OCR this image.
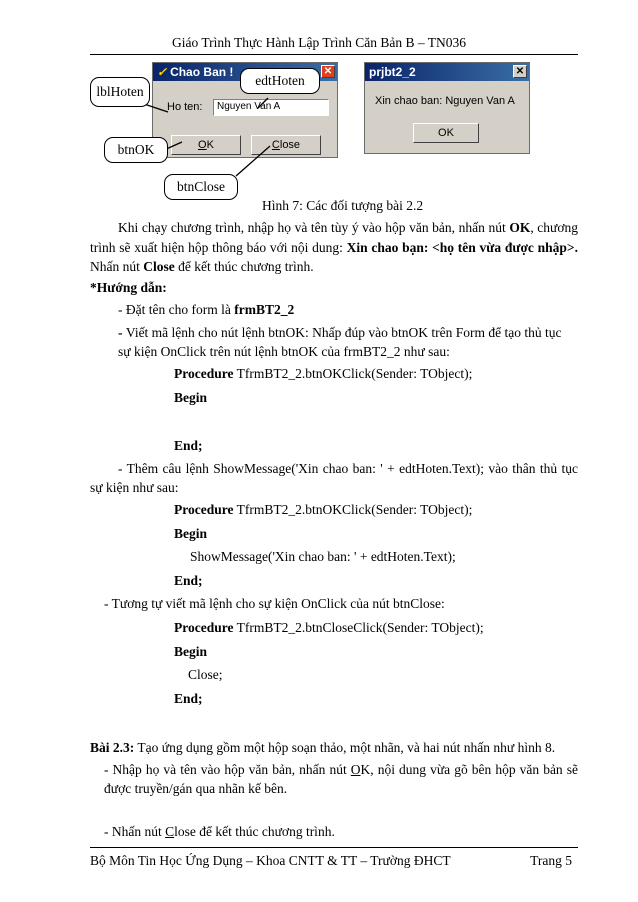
Giáo Trình Thực Hành Lập Trình Căn Bản B – TN036
✓ Chao Ban !	✕
Ho ten:	Nguyen Van A
OK	Close
prjbt2_2	✕
Xin chao ban: Nguyen Van A
OK
edtHoten
lblHoten
btnOK
btnClose
Hình 7: Các đối tượng bài 2.2
Khi chạy chương trình, nhập họ và tên tùy ý vào hộp văn bản, nhấn nút OK, chương trình sẽ xuất hiện hộp thông báo với nội dung: Xin chao bạn: <họ tên vừa được nhập>. Nhấn nút Close để kết thúc chương trình.
*Hướng dẫn:
- Đặt tên cho form là frmBT2_2
- Viết mã lệnh cho nút lệnh btnOK: Nhấp đúp vào btnOK trên Form để tạo thủ tục sự kiện OnClick trên nút lệnh btnOK của frmBT2_2 như sau:
Procedure TfrmBT2_2.btnOKClick(Sender: TObject);
Begin
End;
- Thêm câu lệnh ShowMessage('Xin chao ban: ' + edtHoten.Text); vào thân thủ tục sự kiện như sau:
Procedure TfrmBT2_2.btnOKClick(Sender: TObject);
Begin
ShowMessage('Xin chao ban: ' + edtHoten.Text);
End;
- Tương tự viết mã lệnh cho sự kiện OnClick của nút btnClose:
Procedure TfrmBT2_2.btnCloseClick(Sender: TObject);
Begin
Close;
End;
Bài 2.3: Tạo ứng dụng gồm một hộp soạn thảo, một nhãn, và hai nút nhấn như hình 8.
- Nhập họ và tên vào hộp văn bản, nhấn nút OK, nội dung vừa gõ bên hộp văn bản sẽ được truyền/gán qua nhãn kế bên.
- Nhấn nút Close để kết thúc chương trình.
Bộ Môn Tin Học Ứng Dụng – Khoa CNTT & TT – Trường ĐHCT	Trang 5
